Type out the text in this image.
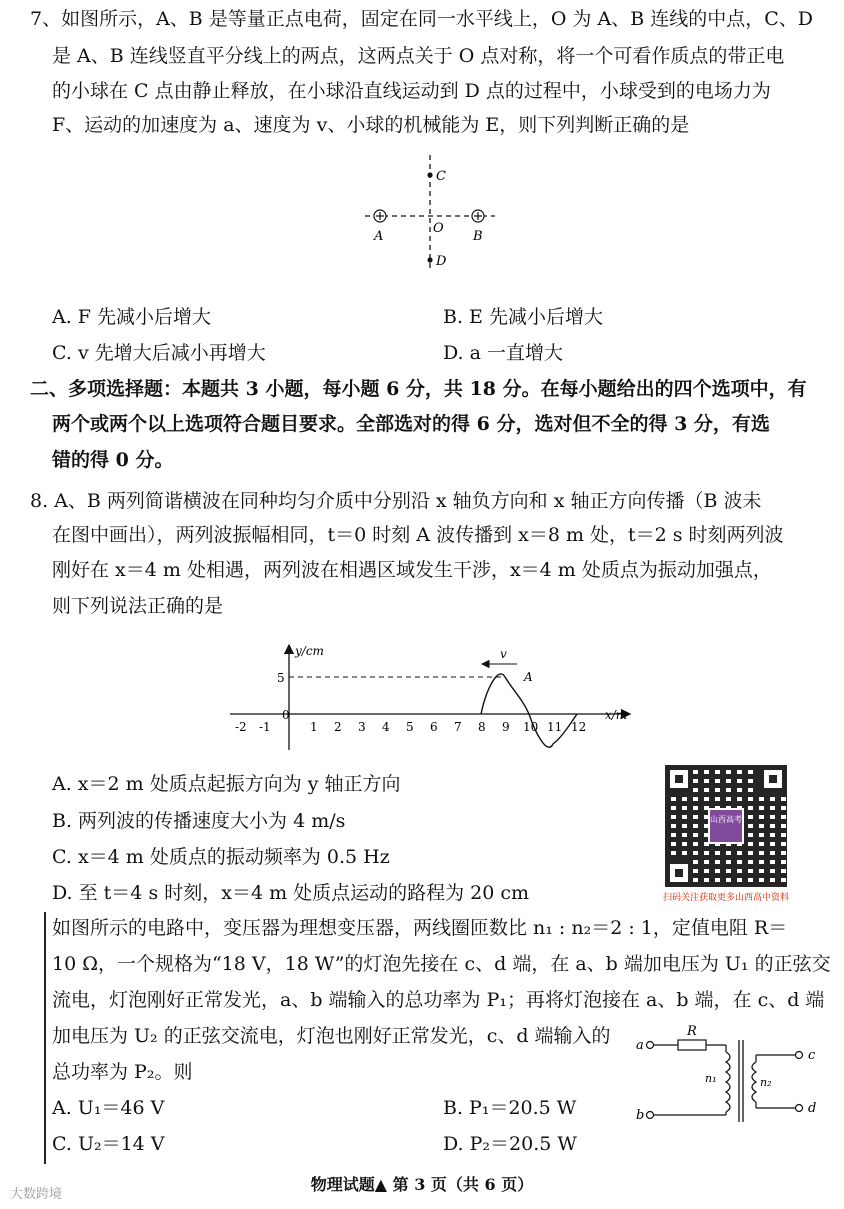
7、如图所示，A、B 是等量正点电荷，固定在同一水平线上，O 为 A、B 连线的中点，C、D
是 A、B 连线竖直平分线上的两点，这两点关于 O 点对称，将一个可看作质点的带正电
的小球在 C 点由静止释放，在小球沿直线运动到 D 点的过程中，小球受到的电场力为
F、运动的加速度为 a、速度为 v、小球的机械能为 E，则下列判断正确的是
C
D
O
A	B
A. F 先减小后增大	B. E 先减小后增大
C. v 先增大后减小再增大	D. a 一直增大
二、多项选择题：本题共 3 小题，每小题 6 分，共 18 分。在每小题给出的四个选项中，有
两个或两个以上选项符合题目要求。全部选对的得 6 分，选对但不全的得 3 分，有选
错的得 0 分。
8. A、B 两列简谐横波在同种均匀介质中分别沿 x 轴负方向和 x 轴正方向传播（B 波未
在图中画出），两列波振幅相同，t＝0 时刻 A 波传播到 x＝8 m 处，t＝2 s 时刻两列波
刚好在 x＝4 m 处相遇，两列波在相遇区域发生干涉，x＝4 m 处质点为振动加强点，
则下列说法正确的是
y/cm
x/m
5
0
A
v
-2 -1	1 2 3 4 5 6 7 8 9 10 11 12
A. x＝2 m 处质点起振方向为 y 轴正方向
B. 两列波的传播速度大小为 4 m/s
C. x＝4 m 处质点的振动频率为 0.5 Hz
D. 至 t＝4 s 时刻，x＝4 m 处质点运动的路程为 20 cm
山西高考
扫码关注获取更多山西高中资料
如图所示的电路中，变压器为理想变压器，两线圈匝数比 n₁ : n₂＝2 : 1，定值电阻 R＝
10 Ω，一个规格为“18 V，18 W”的灯泡先接在 c、d 端，在 a、b 端加电压为 U₁ 的正弦交
流电，灯泡刚好正常发光，a、b 端输入的总功率为 P₁；再将灯泡接在 a、b 端，在 c、d 端
加电压为 U₂ 的正弦交流电，灯泡也刚好正常发光，c、d 端输入的
总功率为 P₂。则
a
b
R
n₁	n₂
c
d
A. U₁＝46 V	B. P₁＝20.5 W
C. U₂＝14 V	D. P₂＝20.5 W
物理试题▲ 第 3 页（共 6 页）
大数跨境
